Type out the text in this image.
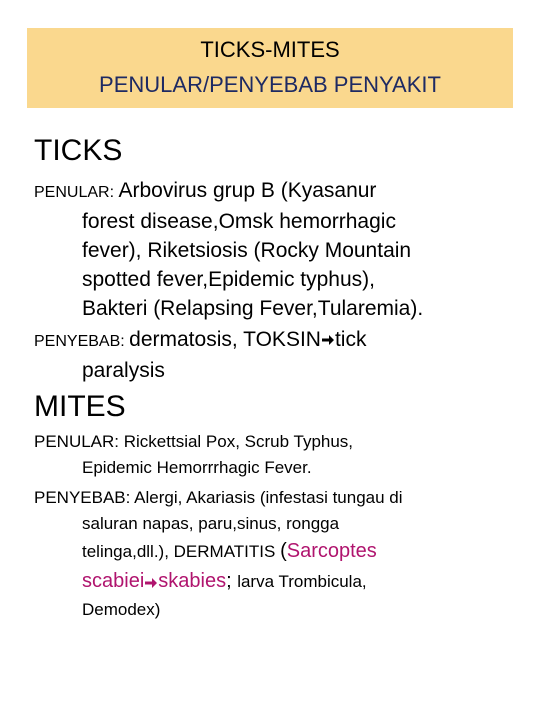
TICKS-MITES
PENULAR/PENYEBAB PENYAKIT
TICKS
PENULAR: Arbovirus grup B (Kyasanur
forest disease,Omsk hemorrhagic
fever), Riketsiosis (Rocky Mountain
spotted fever,Epidemic typhus),
Bakteri (Relapsing Fever,Tularemia).
PENYEBAB: dermatosis, TOKSIN tick
paralysis
MITES
PENULAR: Rickettsial Pox, Scrub Typhus,
Epidemic Hemorrrhagic Fever.
PENYEBAB: Alergi, Akariasis (infestasi tungau di
saluran napas, paru,sinus, rongga
telinga,dll.), DERMATITIS (Sarcoptes
scabiei skabies; larva Trombicula,
Demodex)
